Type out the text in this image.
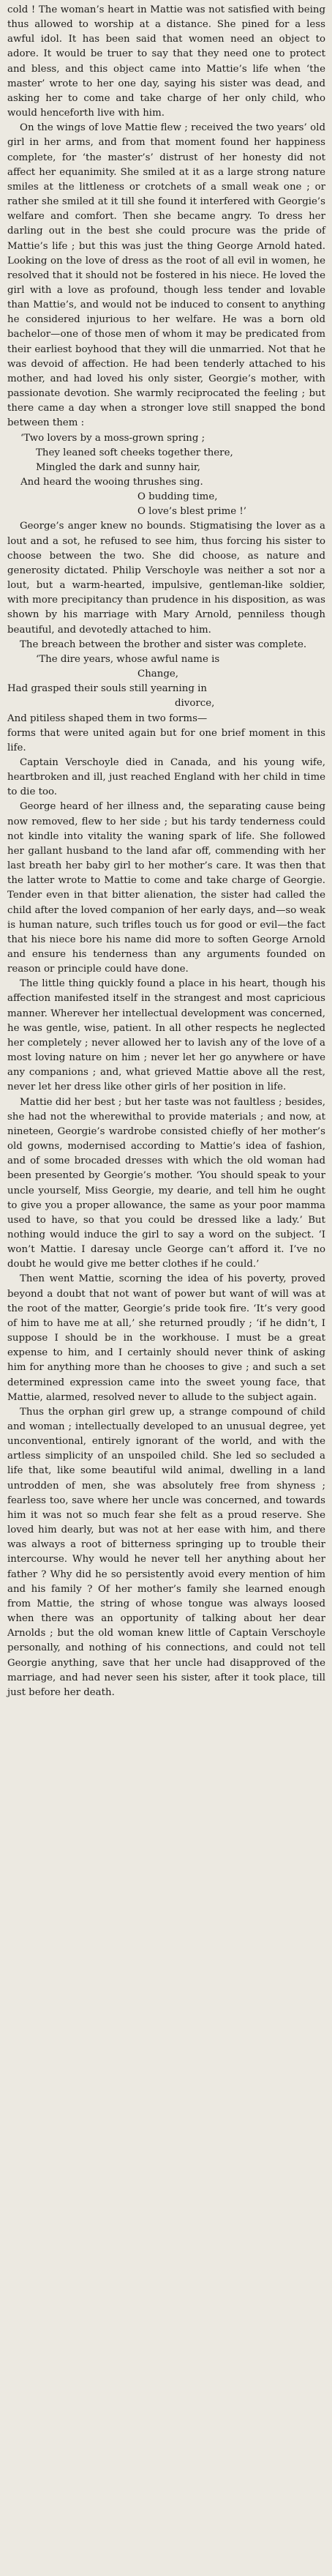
cold ! The woman’s heart in Mattie was not satisfied with being thus allowed to worship at a distance. She pined for a less awful idol. It has been said that women need an object to adore. It would be truer to say that they need one to protect and bless, and this object came into Mattie’s life when ‘the master’ wrote to her one day, saying his sister was dead, and asking her to come and take charge of her only child, who would henceforth live with him.

On the wings of love Mattie flew ; received the two years’ old girl in her arms, and from that moment found her happiness complete, for ‘the master’s’ distrust of her honesty did not affect her equanimity. She smiled at it as a large strong nature smiles at the littleness or crotchets of a small weak one ; or rather she smiled at it till she found it interfered with Georgie’s welfare and comfort. Then she became angry. To dress her darling out in the best she could procure was the pride of Mattie’s life ; but this was just the thing George Arnold hated. Looking on the love of dress as the root of all evil in women, he resolved that it should not be fostered in his niece. He loved the girl with a love as profound, though less tender and lovable than Mattie’s, and would not be induced to consent to anything he considered injurious to her welfare. He was a born old bachelor—one of those men of whom it may be predicated from their earliest boyhood that they will die unmarried. Not that he was devoid of affection. He had been tenderly attached to his mother, and had loved his only sister, Georgie’s mother, with passionate devotion. She warmly reciprocated the feeling ; but there came a day when a stronger love still snapped the bond between them :

‘Two lovers by a moss-grown spring ;

They leaned soft cheeks together there,

Mingled the dark and sunny hair,

And heard the wooing thrushes sing.

O budding time,

O love’s blest prime !’

George’s anger knew no bounds. Stigmatising the lover as a lout and a sot, he refused to see him, thus forcing his sister to choose between the two. She did choose, as nature and generosity dictated. Philip Verschoyle was neither a sot nor a lout, but a warm-hearted, impulsive, gentleman-like soldier, with more precipitancy than prudence in his disposition, as was shown by his marriage with Mary Arnold, penniless though beautiful, and devotedly attached to him.

The breach between the brother and sister was complete.

‘The dire years, whose awful name is

Change,

Had grasped their souls still yearning in

divorce,

And pitiless shaped them in two forms—

forms that were united again but for one brief moment in this life.

Captain Verschoyle died in Canada, and his young wife, heartbroken and ill, just reached England with her child in time to die too.

George heard of her illness and, the separating cause being now removed, flew to her side ; but his tardy tenderness could not kindle into vitality the waning spark of life. She followed her gallant husband to the land afar off, commending with her last breath her baby girl to her mother’s care. It was then that the latter wrote to Mattie to come and take charge of Georgie. Tender even in that bitter alienation, the sister had called the child after the loved companion of her early days, and—so weak is human nature, such trifles touch us for good or evil—the fact that his niece bore his name did more to soften George Arnold and ensure his tenderness than any arguments founded on reason or principle could have done.

The little thing quickly found a place in his heart, though his affection manifested itself in the strangest and most capricious manner. Wherever her intellectual development was concerned, he was gentle, wise, patient. In all other respects he neglected her completely ; never allowed her to lavish any of the love of a most loving nature on him ; never let her go anywhere or have any companions ; and, what grieved Mattie above all the rest, never let her dress like other girls of her position in life.

Mattie did her best ; but her taste was not faultless ; besides, she had not the wherewithal to provide materials ; and now, at nineteen, Georgie’s wardrobe consisted chiefly of her mother’s old gowns, modernised according to Mattie’s idea of fashion, and of some brocaded dresses with which the old woman had been presented by Georgie’s mother. ‘You should speak to your uncle yourself, Miss Georgie, my dearie, and tell him he ought to give you a proper allowance, the same as your poor mamma used to have, so that you could be dressed like a lady.’ But nothing would induce the girl to say a word on the subject. ‘I won’t Mattie. I daresay uncle George can’t afford it. I’ve no doubt he would give me better clothes if he could.’

Then went Mattie, scorning the idea of his poverty, proved beyond a doubt that not want of power but want of will was at the root of the matter, Georgie’s pride took fire. ‘It’s very good of him to have me at all,’ she returned proudly ; ‘if he didn’t, I suppose I should be in the workhouse. I must be a great expense to him, and I certainly should never think of asking him for anything more than he chooses to give ; and such a set determined expression came into the sweet young face, that Mattie, alarmed, resolved never to allude to the subject again.

Thus the orphan girl grew up, a strange compound of child and woman ; intellectually developed to an unusual degree, yet unconventional, entirely ignorant of the world, and with the artless simplicity of an unspoiled child. She led so secluded a life that, like some beautiful wild animal, dwelling in a land untrodden of men, she was absolutely free from shyness ; fearless too, save where her uncle was concerned, and towards him it was not so much fear she felt as a proud reserve. She loved him dearly, but was not at her ease with him, and there was always a root of bitterness springing up to trouble their intercourse. Why would he never tell her anything about her father ? Why did he so persistently avoid every mention of him and his family ? Of her mother’s family she learned enough from Mattie, the string of whose tongue was always loosed when there was an opportunity of talking about her dear Arnolds ; but the old woman knew little of Captain Verschoyle personally, and nothing of his connections, and could not tell Georgie anything, save that her uncle had disapproved of the marriage, and had never seen his sister, after it took place, till just before her death.
